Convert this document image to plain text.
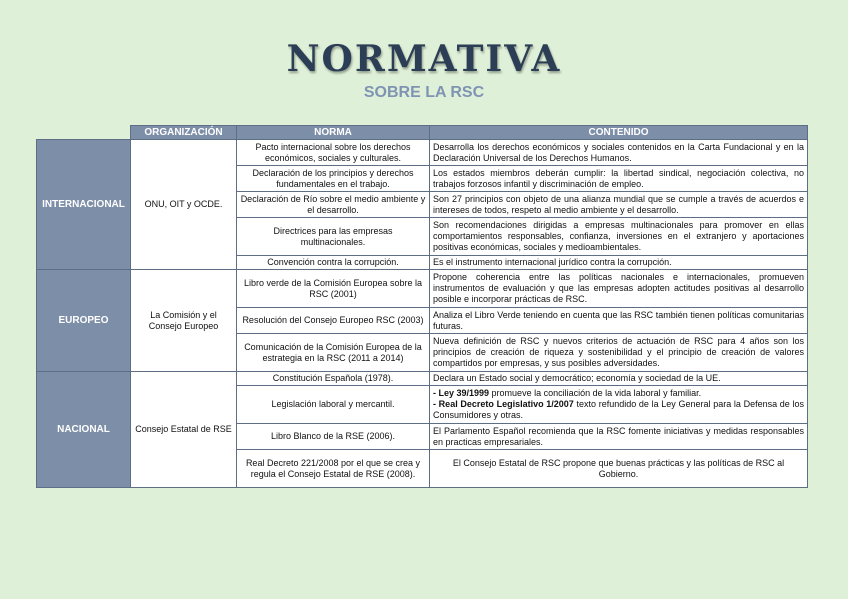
NORMATIVA
SOBRE LA RSC
	ORGANIZACIÓN	NORMA	CONTENIDO
INTERNACIONAL	ONU, OIT y OCDE.	Pacto internacional sobre los derechos económicos, sociales y culturales.	Desarrolla los derechos económicos y sociales contenidos en la Carta Fundacional y en la Declaración Universal de los Derechos Humanos.
		Declaración de los principios y derechos fundamentales en el trabajo.	Los estados miembros deberán cumplir: la libertad sindical, negociación colectiva, no trabajos forzosos infantil y discriminación de empleo.
		Declaración de Río sobre el medio ambiente y el desarrollo.	Son 27 principios con objeto de una alianza mundial que se cumple a través de acuerdos e intereses de todos, respeto al medio ambiente y el desarrollo.
		Directrices para las empresas multinacionales.	Son recomendaciones dirigidas a empresas multinacionales para promover en ellas comportamientos responsables, confianza, inversiones en el extranjero y aportaciones positivas económicas, sociales y medioambientales.
		Convención contra la corrupción.	Es el instrumento internacional jurídico contra la corrupción.
EUROPEO	La Comisión y el Consejo Europeo	Libro verde de la Comisión Europea sobre la RSC (2001)	Propone coherencia entre las políticas nacionales e internacionales, promueven instrumentos de evaluación y que las empresas adopten actitudes positivas al desarrollo posible e incorporar prácticas de RSC.
		Resolución del Consejo Europeo RSC (2003)	Analiza el Libro Verde teniendo en cuenta que las RSC también tienen políticas comunitarias futuras.
		Comunicación de la Comisión Europea de la estrategia en la RSC (2011 a 2014)	Nueva definición de RSC y nuevos criterios de actuación de RSC para 4 años son los principios de creación de riqueza y sostenibilidad y el principio de creación de valores compartidos por empresas, y sus posibles adversidades.
NACIONAL	Consejo Estatal de RSE	Constitución Española (1978).	Declara un Estado social y democrático; economía y sociedad de la UE.
		Legislación laboral y mercantil.	- Ley 39/1999 promueve la conciliación de la vida laboral y familiar.
- Real Decreto Legislativo 1/2007 texto refundido de la Ley General para la Defensa de los Consumidores y otras.
		Libro Blanco de la RSE (2006).	El Parlamento Español recomienda que la RSC fomente iniciativas y medidas responsables en practicas empresariales.
		Real Decreto 221/2008 por el que se crea y regula el Consejo Estatal de RSE (2008).	El Consejo Estatal de RSC propone que buenas prácticas y las políticas de RSC al Gobierno.
